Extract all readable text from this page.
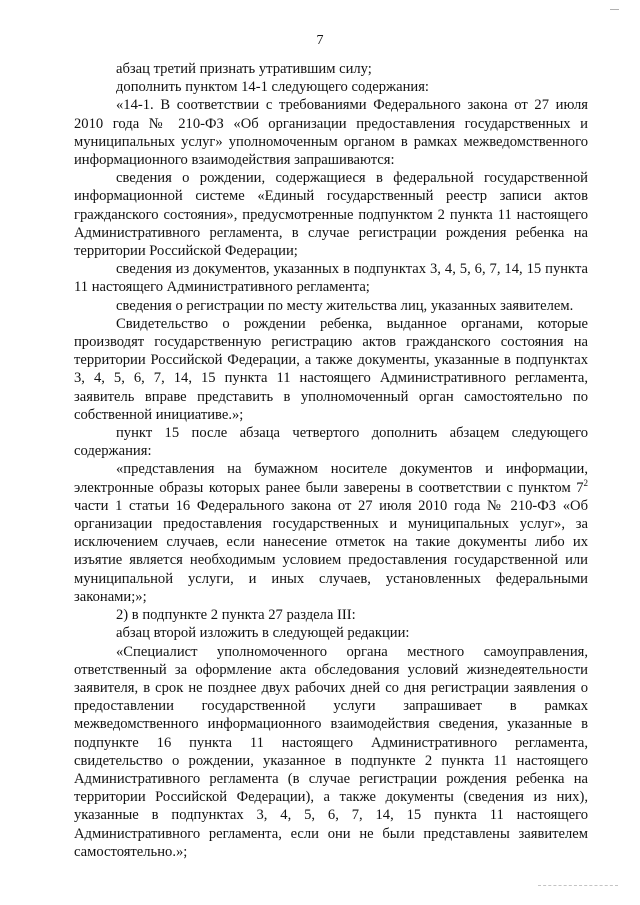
7

абзац третий признать утратившим силу;

дополнить пунктом 14-1 следующего содержания:

«14-1. В соответствии с требованиями Федерального закона от 27 июля 2010 года № 210-ФЗ «Об организации предоставления государственных и муниципальных услуг» уполномоченным органом в рамках межведомственного информационного взаимодействия запрашиваются:

сведения о рождении, содержащиеся в федеральной государственной информационной системе «Единый государственный реестр записи актов гражданского состояния», предусмотренные подпунктом 2 пункта 11 настоящего Административного регламента, в случае регистрации рождения ребенка на территории Российской Федерации;

сведения из документов, указанных в подпунктах 3, 4, 5, 6, 7, 14, 15 пункта 11 настоящего Административного регламента;

сведения о регистрации по месту жительства лиц, указанных заявителем.

Свидетельство о рождении ребенка, выданное органами, которые производят государственную регистрацию актов гражданского состояния на территории Российской Федерации, а также документы, указанные в подпунктах 3, 4, 5, 6, 7, 14, 15 пункта 11 настоящего Административного регламента, заявитель вправе представить в уполномоченный орган самостоятельно по собственной инициативе.»;

пункт 15 после абзаца четвертого дополнить абзацем следующего содержания:

«представления на бумажном носителе документов и информации, электронные образы которых ранее были заверены в соответствии с пунктом $7^2$ части 1 статьи 16 Федерального закона от 27 июля 2010 года № 210-ФЗ «Об организации предоставления государственных и муниципальных услуг», за исключением случаев, если нанесение отметок на такие документы либо их изъятие является необходимым условием предоставления государственной или муниципальной услуги, и иных случаев, установленных федеральными законами;»;

2) в подпункте 2 пункта 27 раздела III:

абзац второй изложить в следующей редакции:

«Специалист уполномоченного органа местного самоуправления, ответственный за оформление акта обследования условий жизнедеятельности заявителя, в срок не позднее двух рабочих дней со дня регистрации заявления о предоставлении государственной услуги запрашивает в рамках межведомственного информационного взаимодействия сведения, указанные в подпункте 16 пункта 11 настоящего Административного регламента, свидетельство о рождении, указанное в подпункте 2 пункта 11 настоящего Административного регламента (в случае регистрации рождения ребенка на территории Российской Федерации), а также документы (сведения из них), указанные в подпунктах 3, 4, 5, 6, 7, 14, 15 пункта 11 настоящего Административного регламента, если они не были представлены заявителем самостоятельно.»;
